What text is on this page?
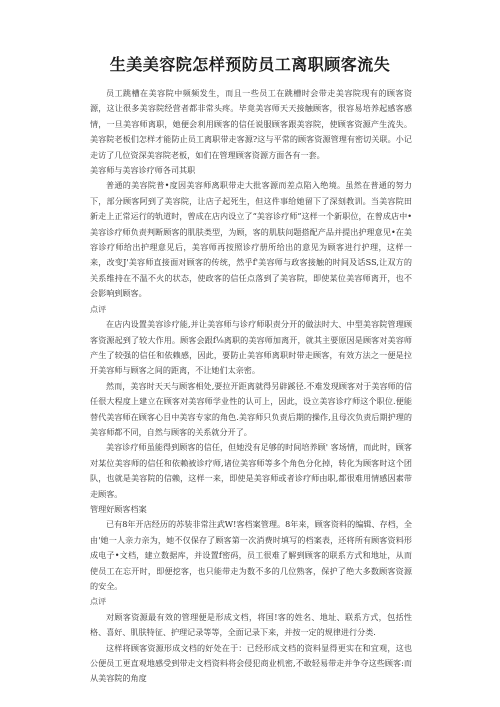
生美美容院怎样预防员工离职顾客流失

员工跳槽在美容院中频频发生，而且一些员工在跳槽时会带走美容院现有的顾客资源，这让很多美容院经营者都非常头疼。毕竟美容师天天接触顾客，很容易培养起感客感情，一旦美容师离职，她便会利用顾客的信任说服顾客跟美容院，使顾客资源产生流失。美容院老板们怎样才能防止员工离职带走客源?这与平常的顾客资源管理有密切关联。小记走访了几位资深美容院老板，如们在管理顾客资源方面各有一套。

美容师与美容诊疗师各司其职

普通的美容院普•度因美容师离职带走大批客源而差点陷入绝境。虽然在普通的努力下，部分顾客阿到了美容院，让店子起死生，但这件事给她留下了深刻教训。当美容院田新走上正常运行的轨道时，曾成在店内设立了“美容诊疗师”这样一个新职位，在曾成店中•美容诊疗师负责判断顾客的肌肤类型，为顾，客的肌肤问题搭配产品并提出护理意见•在美容诊疗师给出护理意见后，美容师再按照诊疗册所给出的意见为顾客进行护理，这样一来，改变J'美容师直接面对顾客的传统，然乎f'美容师与政客接触的时间及话SS,让双方的关系维持在不温不火的状态，使政客的信任点落到了美容院，即使某位美容师离开，也不会影响到顾客。

点评

在店内设置美容诊疗能,并让美容师与诊疗师职责分开的做法时大、中型美容院管理顾客资源起到了较大作用。顾客会跟f⅛离职的美容师加离开，就其主要原因是顾客对美容师产生了较强的信任和依赖感，因此，要防止美容师离职时带走顾客，有效方法之一便是拉开美容师与顾客之间的距离，不让她们太亲密。

然而，美容时天天与顾客相处,要拉开距离就得另辟蹊径.不难发现顾客对于美容师的信任很大程度上建立在顾客对美容师学业性的认可上，因此，设立美容诊疗师这个职位.便能替代美容师在顾客心目中美容专家的角色.美容师只负责后期的操作,且母次负责后期护理的美容师都不同，自然与顾客的关系就分开了。

美容诊疗师虽能得到顾客的信任，但她没有足够的时间培养顾' 客场情，而此时，顾客对某位美容师的信任和依赖被诊疗师,诸位美容师等多个角色分化掉，转化为顾客时这个团队，也就是美容院的信赖，这样一来，即使是美容师或者诊疗师由职,都很难用情感因素带走顾客。

管理好顾客档案

已有8年开店经历的苏装非常注武W!客档案管理。8年来，顾客资料的编辑、存档，全由'她一人亲力亲为，她不仅保存了顾客第一次消费时填写的档案表，还将所有顾客资料形成电子•文档，建立数据库，并设置f密码，员工很难了解到顾客的联系方式和地址，从而使员工在忘开时，即便挖客，也只能带走为数不多的几位熟客，保护了绝大多数顾客资源的安全。

点评

对顾客资源最有效的管理便是形成文档，将国!客的姓名、地址、联系方式，包括性格、喜好、肌肤特征、护理记录等等，全面记录下来，并按一定的规律进行分类.

这样将顾客资源形成文档的好处在于：已经形成文档的资料显得更实在和宜观，这也公便员工更直观地感受到带走文档资料将会侵犯商业机密,不敢轻易带走并争夺这些顾客:而从美容院的角度
